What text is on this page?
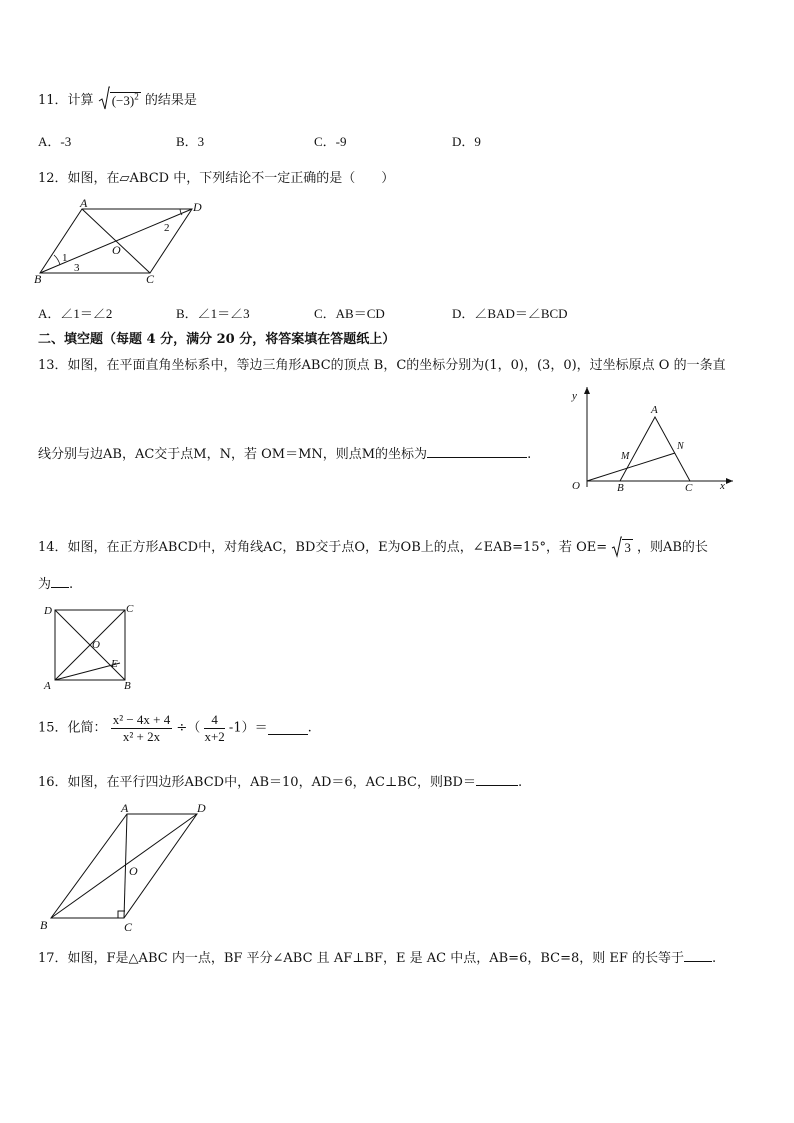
11．计算 $(-3)^2$ 的结果是
A．-3	B．3	C．-9	D．9
12．如图，在▱ABCD 中，下列结论不一定正确的是（　　）
A	D
B	C
O
1
2
3
A．∠1＝∠2	B．∠1＝∠3	C．AB＝CD	D．∠BAD＝∠BCD
二、填空题（每题 4 分，满分 20 分，将答案填在答题纸上）
13．如图，在平面直角坐标系中，等边三角形ABC的顶点 B，C的坐标分别为(1，0)，(3，0)，过坐标原点 O 的一条直
线分别与边AB，AC交于点M，N，若 OM＝MN，则点M的坐标为	.
y
x
O
A
B	C
M
N
14．如图，在正方形ABCD中，对角线AC，BD交于点O，E为OB上的点，∠EAB=15°，若 OE= 3 ，则AB的长
为 .
D	C
A	B
O
E
15．化简： $\frac{\text{x² − 4x + 4}}{\text{x² + 2x}}$ ÷（ $\frac{4}{x+2} -1)=$	.
16．如图，在平行四边形ABCD中，AB＝10，AD＝6，AC⊥BC，则BD＝	.
A	D
B	C
O
17．如图，F是△ABC 内一点，BF 平分∠ABC 且 AF⊥BF，E 是 AC 中点，AB=6，BC=8，则 EF 的长等于 .
